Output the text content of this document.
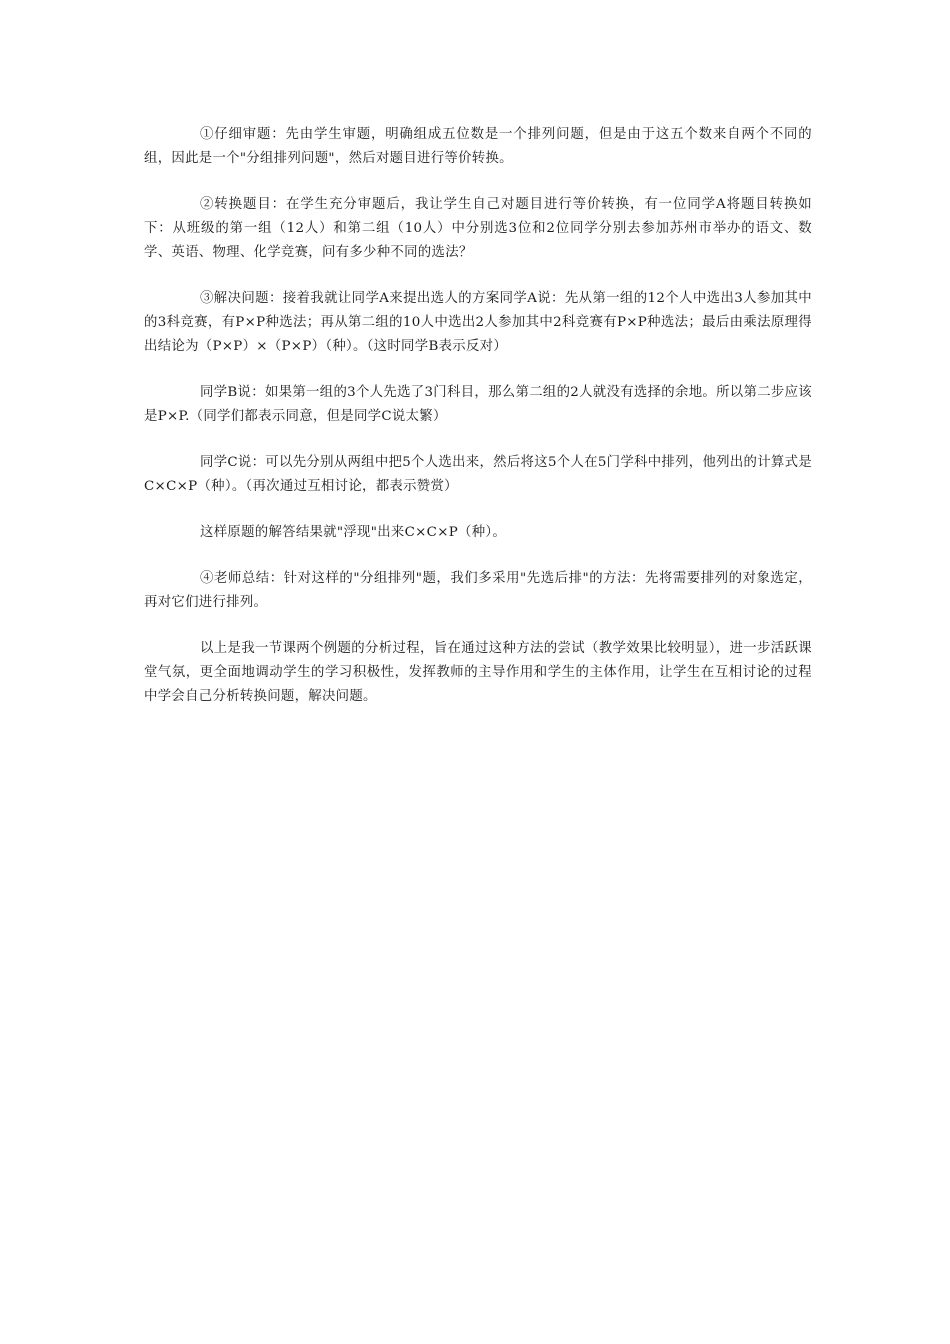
①仔细审题：先由学生审题，明确组成五位数是一个排列问题，但是由于这五个数来自两个不同的组，因此是一个"分组排列问题"，然后对题目进行等价转换。

②转换题目：在学生充分审题后，我让学生自己对题目进行等价转换，有一位同学A将题目转换如下：从班级的第一组（12人）和第二组（10人）中分别选3位和2位同学分别去参加苏州市举办的语文、数学、英语、物理、化学竞赛，问有多少种不同的选法？

③解决问题：接着我就让同学A来提出选人的方案同学A说：先从第一组的12个人中选出3人参加其中的3科竞赛，有P×P种选法；再从第二组的10人中选出2人参加其中2科竞赛有P×P种选法；最后由乘法原理得出结论为（P×P）×（P×P）（种）。（这时同学B表示反对）

同学B说：如果第一组的3个人先选了3门科目，那么第二组的2人就没有选择的余地。所以第二步应该是P×P.（同学们都表示同意，但是同学C说太繁）

同学C说：可以先分别从两组中把5个人选出来，然后将这5个人在5门学科中排列，他列出的计算式是C×C×P（种）。（再次通过互相讨论，都表示赞赏）

这样原题的解答结果就"浮现"出来C×C×P（种）。

④老师总结：针对这样的"分组排列"题，我们多采用"先选后排"的方法：先将需要排列的对象选定，再对它们进行排列。

以上是我一节课两个例题的分析过程，旨在通过这种方法的尝试（教学效果比较明显），进一步活跃课堂气氛，更全面地调动学生的学习积极性，发挥教师的主导作用和学生的主体作用，让学生在互相讨论的过程中学会自己分析转换问题，解决问题。
